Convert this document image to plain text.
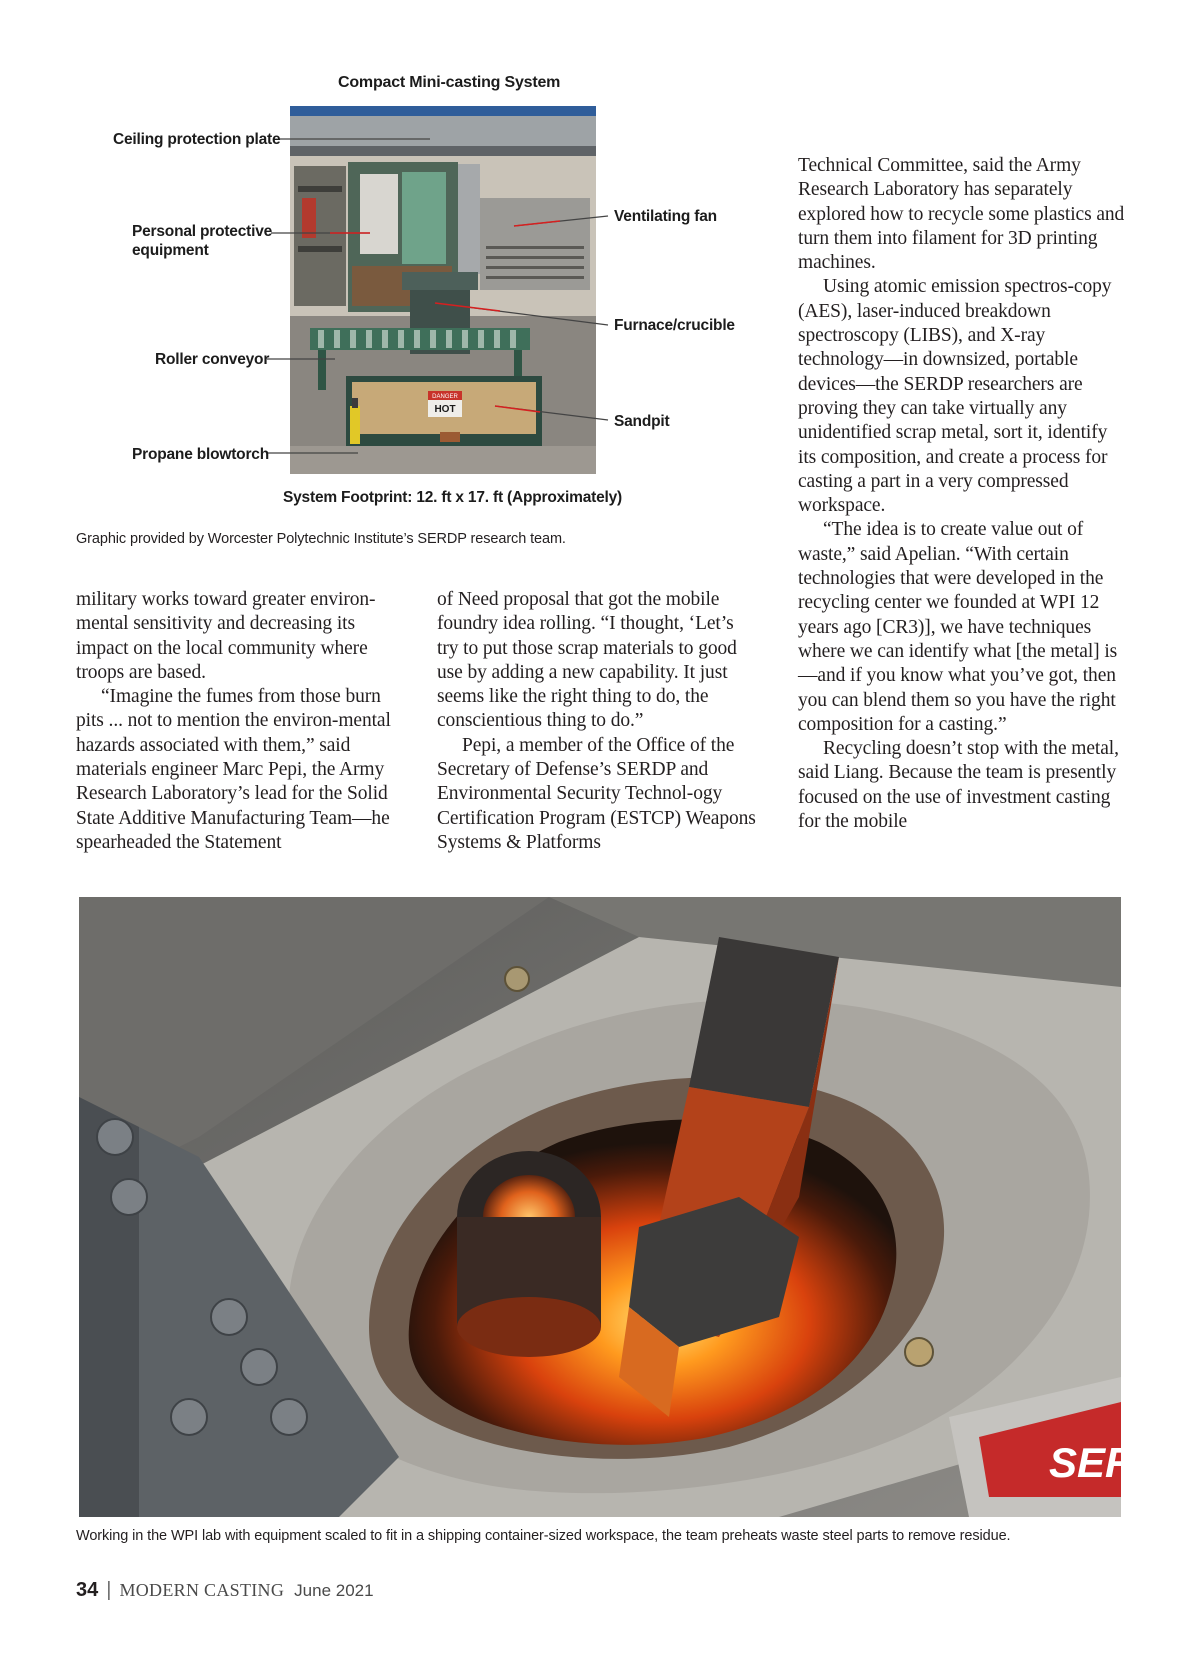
Compact Mini-casting System
DANGER
HOT
Ceiling protection plate
Personal protective equipment
Roller conveyor
Propane blowtorch
Ventilating fan
Furnace/crucible
Sandpit
System Footprint: 12. ft x 17. ft (Approximately)
Graphic provided by Worcester Polytechnic Institute’s SERDP research team.

military works toward greater environ-mental sensitivity and decreasing its impact on the local community where troops are based.

“Imagine the fumes from those burn pits ... not to mention the environ-mental hazards associated with them,” said materials engineer Marc Pepi, the Army Research Laboratory’s lead for the Solid State Additive Manufacturing Team—he spearheaded the Statement

of Need proposal that got the mobile foundry idea rolling. “I thought, ‘Let’s try to put those scrap materials to good use by adding a new capability. It just seems like the right thing to do, the conscientious thing to do.”

Pepi, a member of the Office of the Secretary of Defense’s SERDP and Environmental Security Technol-ogy Certification Program (ESTCP) Weapons Systems & Platforms

Technical Committee, said the Army Research Laboratory has separately explored how to recycle some plastics and turn them into filament for 3D printing machines.

Using atomic emission spectros-copy (AES), laser-induced breakdown spectroscopy (LIBS), and X-ray technology—in downsized, portable devices—the SERDP researchers are proving they can take virtually any unidentified scrap metal, sort it, identify its composition, and create a process for casting a part in a very compressed workspace.

“The idea is to create value out of waste,” said Apelian. “With certain technologies that were developed in the recycling center we founded at WPI 12 years ago [CR3)], we have techniques where we can identify what [the metal] is—and if you know what you’ve got, then you can blend them so you have the right composition for a casting.”

Recycling doesn’t stop with the metal, said Liang. Because the team is presently focused on the use of investment casting for the mobile

SER
Working in the WPI lab with equipment scaled to fit in a shipping container-sized workspace, the team preheats waste steel parts to remove residue.
34 | MODERN CASTING June 2021
